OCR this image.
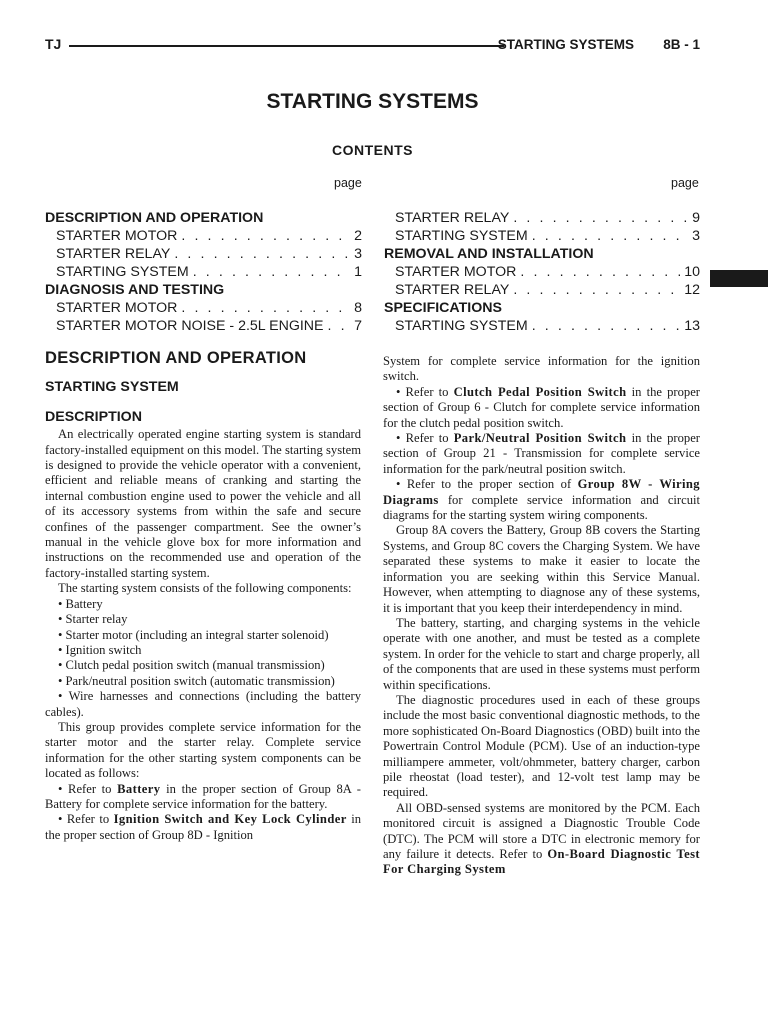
TJ	STARTING SYSTEMS 8B - 1
STARTING SYSTEMS
CONTENTS
page	page
DESCRIPTION AND OPERATION
STARTER MOTOR . . .	2
STARTER RELAY . . .	3
STARTING SYSTEM . . .	1
DIAGNOSIS AND TESTING
STARTER MOTOR . . .	8
STARTER MOTOR NOISE - 2.5L ENGINE . . . 7
STARTER RELAY . . .	9
STARTING SYSTEM . . .	3
REMOVAL AND INSTALLATION
STARTER MOTOR . . .	10
STARTER RELAY . . .	12
SPECIFICATIONS
STARTING SYSTEM . . .	13
DESCRIPTION AND OPERATION
STARTING SYSTEM
DESCRIPTION

An electrically operated engine starting system is standard factory-installed equipment on this model. The starting system is designed to provide the vehicle operator with a convenient, efficient and reliable means of cranking and starting the internal combustion engine used to power the vehicle and all of its accessory systems from within the safe and secure confines of the passenger compartment. See the owner’s manual in the vehicle glove box for more information and instructions on the recommended use and operation of the factory-installed starting system.

The starting system consists of the following components:

• Battery

• Starter relay

• Starter motor (including an integral starter solenoid)

• Ignition switch

• Clutch pedal position switch (manual transmission)

• Park/neutral position switch (automatic transmission)

• Wire harnesses and connections (including the battery cables).

This group provides complete service information for the starter motor and the starter relay. Complete service information for the other starting system components can be located as follows:

• Refer to Battery in the proper section of Group 8A - Battery for complete service information for the battery.

• Refer to Ignition Switch and Key Lock Cylinder in the proper section of Group 8D - Ignition

System for complete service information for the ignition switch.

• Refer to Clutch Pedal Position Switch in the proper section of Group 6 - Clutch for complete service information for the clutch pedal position switch.

• Refer to Park/Neutral Position Switch in the proper section of Group 21 - Transmission for complete service information for the park/neutral position switch.

• Refer to the proper section of Group 8W - Wiring Diagrams for complete service information and circuit diagrams for the starting system wiring components.

Group 8A covers the Battery, Group 8B covers the Starting Systems, and Group 8C covers the Charging System. We have separated these systems to make it easier to locate the information you are seeking within this Service Manual. However, when attempting to diagnose any of these systems, it is important that you keep their interdependency in mind.

The battery, starting, and charging systems in the vehicle operate with one another, and must be tested as a complete system. In order for the vehicle to start and charge properly, all of the components that are used in these systems must perform within specifications.

The diagnostic procedures used in each of these groups include the most basic conventional diagnostic methods, to the more sophisticated On-Board Diagnostics (OBD) built into the Powertrain Control Module (PCM). Use of an induction-type milliampere ammeter, volt/ohmmeter, battery charger, carbon pile rheostat (load tester), and 12-volt test lamp may be required.

All OBD-sensed systems are monitored by the PCM. Each monitored circuit is assigned a Diagnostic Trouble Code (DTC). The PCM will store a DTC in electronic memory for any failure it detects. Refer to On-Board Diagnostic Test For Charging System
